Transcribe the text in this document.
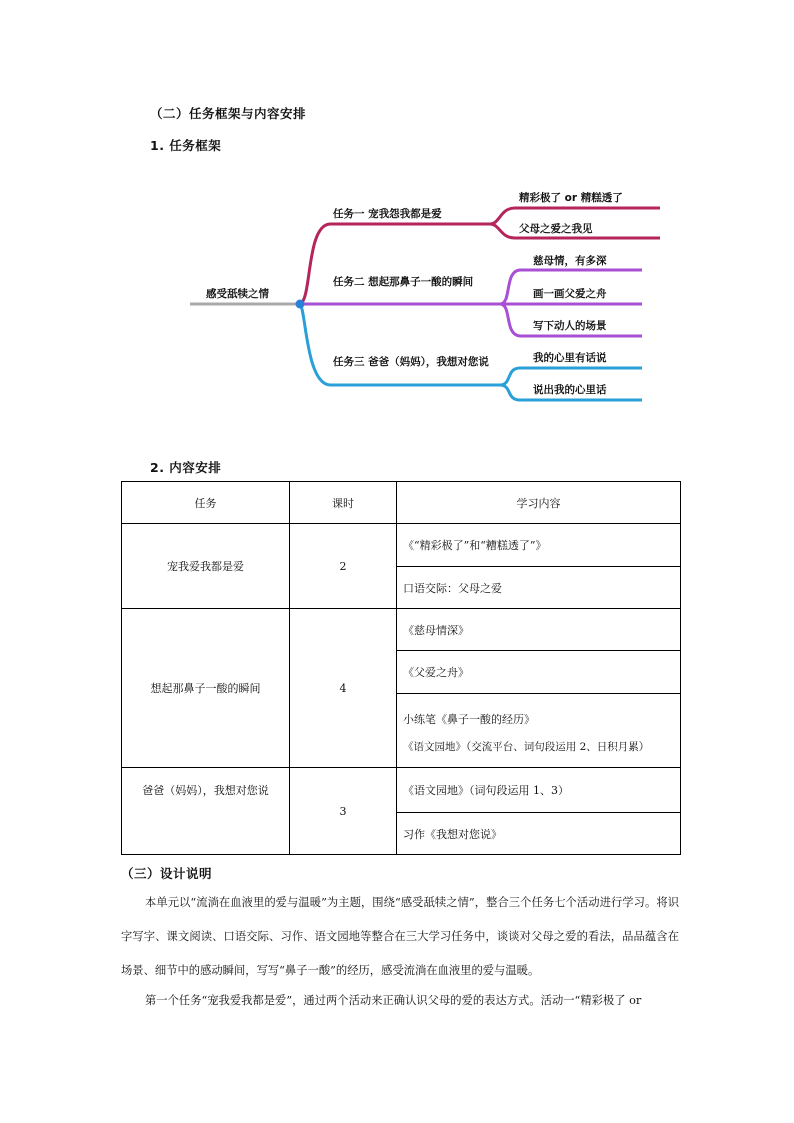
（二）任务框架与内容安排
1. 任务框架
感受舐犊之情
任务一 宠我怨我都是爱
精彩极了 or 精糕透了
父母之爱之我见
任务二 想起那鼻子一酸的瞬间
慈母情，有多深
画一画父爱之舟
写下动人的场景
任务三 爸爸（妈妈），我想对您说	我的心里有话说
说出我的心里话
2. 内容安排
任务	课时	学习内容
宠我爱我都是爱	2	《“精彩极了”和“糟糕透了”》
		口语交际：父母之爱
想起那鼻子一酸的瞬间	4	《慈母情深》
		《父爱之舟》
		小练笔《鼻子一酸的经历》
		《语文园地》（交流平台、词句段运用 2、日积月累）
爸爸（妈妈），我想对您说	3	《语文园地》（词句段运用 1、3）
		习作《我想对您说》
（三）设计说明
本单元以“流淌在血液里的爱与温暖”为主题，围绕“感受舐犊之情”，整合三个任务七个活动进行学习。将识字写字、课文阅读、口语交际、习作、语文园地等整合在三大学习任务中，谈谈对父母之爱的看法，品品蕴含在场景、细节中的感动瞬间，写写“鼻子一酸”的经历，感受流淌在血液里的爱与温暖。
第一个任务“宠我爱我都是爱”，通过两个活动来正确认识父母的爱的表达方式。活动一“精彩极了 or
